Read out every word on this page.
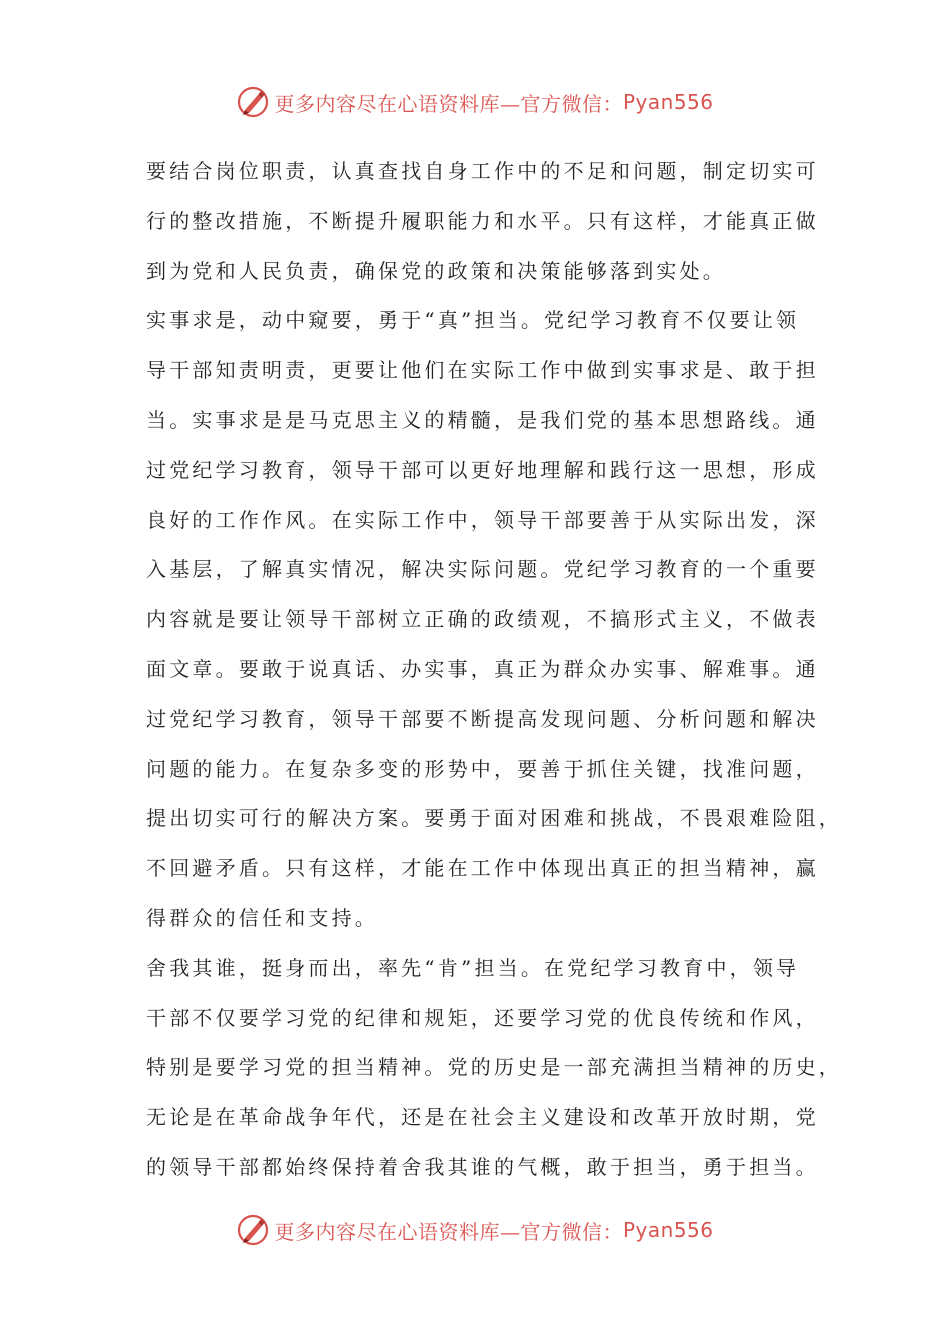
更多内容尽在心语资料库—官方微信： Pyan556
要结合岗位职责，认真查找自身工作中的不足和问题，制定切实可
行的整改措施，不断提升履职能力和水平。只有这样，才能真正做
到为党和人民负责，确保党的政策和决策能够落到实处。
实事求是，动中窥要，勇于“真”担当。党纪学习教育不仅要让领
导干部知责明责，更要让他们在实际工作中做到实事求是、敢于担
当。实事求是是马克思主义的精髓，是我们党的基本思想路线。通
过党纪学习教育，领导干部可以更好地理解和践行这一思想，形成
良好的工作作风。在实际工作中，领导干部要善于从实际出发，深
入基层，了解真实情况，解决实际问题。党纪学习教育的一个重要
内容就是要让领导干部树立正确的政绩观，不搞形式主义，不做表
面文章。要敢于说真话、办实事，真正为群众办实事、解难事。通
过党纪学习教育，领导干部要不断提高发现问题、分析问题和解决
问题的能力。在复杂多变的形势中，要善于抓住关键，找准问题，
提出切实可行的解决方案。要勇于面对困难和挑战，不畏艰难险阻，
不回避矛盾。只有这样，才能在工作中体现出真正的担当精神，赢
得群众的信任和支持。
舍我其谁，挺身而出，率先“肯”担当。在党纪学习教育中，领导
干部不仅要学习党的纪律和规矩，还要学习党的优良传统和作风，
特别是要学习党的担当精神。党的历史是一部充满担当精神的历史，
无论是在革命战争年代，还是在社会主义建设和改革开放时期，党
的领导干部都始终保持着舍我其谁的气概，敢于担当，勇于担当。
更多内容尽在心语资料库—官方微信： Pyan556
